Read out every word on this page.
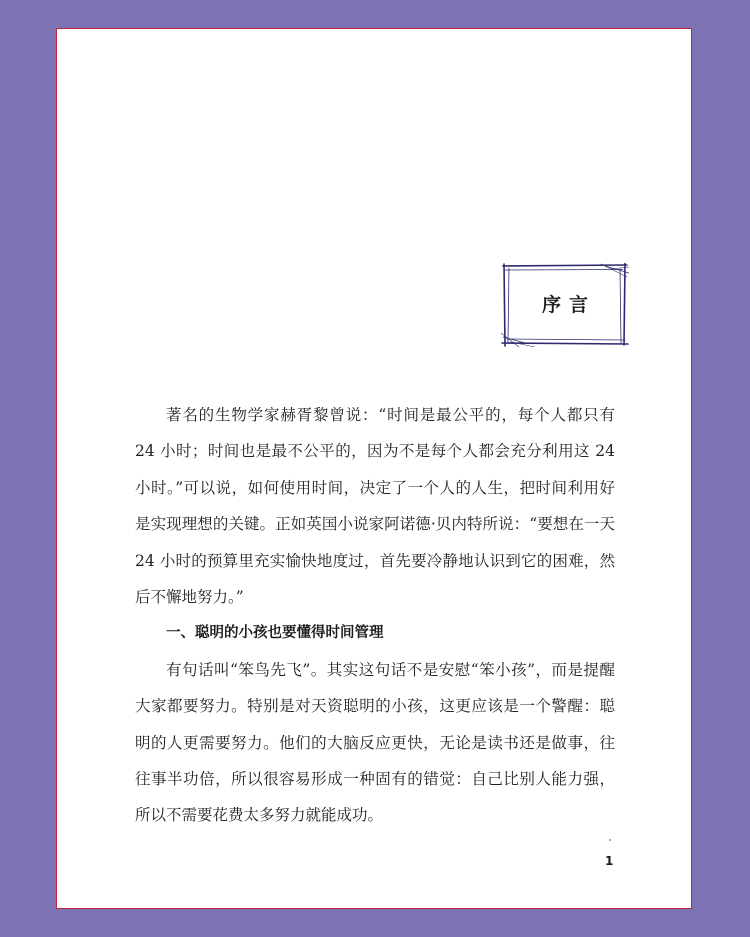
序言

著名的生物学家赫胥黎曾说：“时间是最公平的，每个人都只有 24 小时；时间也是最不公平的，因为不是每个人都会充分利用这 24 小时。”可以说，如何使用时间，决定了一个人的人生，把时间利用好是实现理想的关键。正如英国小说家阿诺德·贝内特所说：“要想在一天 24 小时的预算里充实愉快地度过，首先要冷静地认识到它的困难，然后不懈地努力。”

一、聪明的小孩也要懂得时间管理

有句话叫“笨鸟先飞”。其实这句话不是安慰“笨小孩”，而是提醒大家都要努力。特别是对天资聪明的小孩，这更应该是一个警醒：聪明的人更需要努力。他们的大脑反应更快，无论是读书还是做事，往往事半功倍，所以很容易形成一种固有的错觉：自己比别人能力强，所以不需要花费太多努力就能成功。

1
